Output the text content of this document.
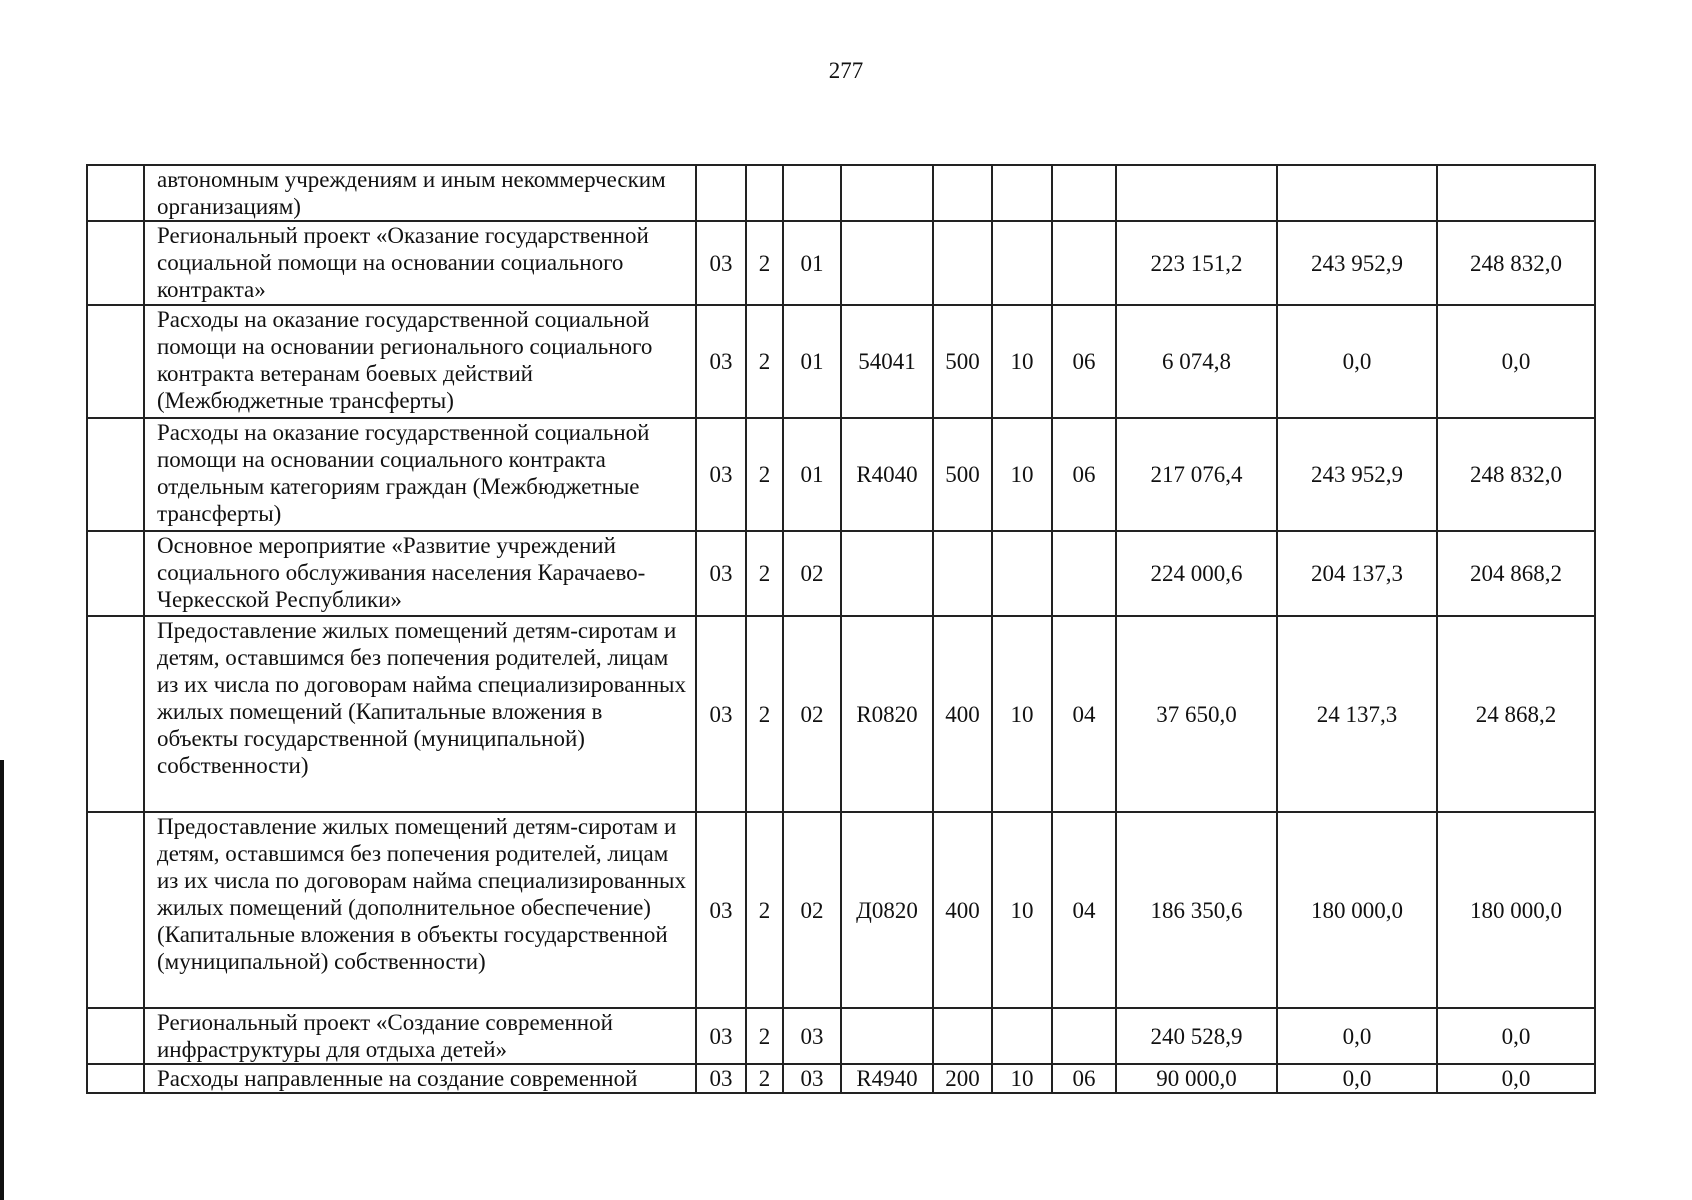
277
	автономным учреждениям и иным некоммерческим организациям)										
	Региональный проект «Оказание государственной социальной помощи на основании социального контракта»	03	2	01					223 151,2	243 952,9	248 832,0
	Расходы на оказание государственной социальной помощи на основании регионального социального контракта ветеранам боевых действий (Межбюджетные трансферты)	03	2	01	54041	500	10	06	6 074,8	0,0	0,0
	Расходы на оказание государственной социальной помощи на основании социального контракта отдельным категориям граждан (Межбюджетные трансферты)	03	2	01	R4040	500	10	06	217 076,4	243 952,9	248 832,0
	Основное мероприятие «Развитие учреждений социального обслуживания населения Карачаево-Черкесской Республики»	03	2	02					224 000,6	204 137,3	204 868,2
	Предоставление жилых помещений детям-сиротам и детям, оставшимся без попечения родителей, лицам из их числа по договорам найма специализированных жилых помещений (Капитальные вложения в объекты государственной (муниципальной) собственности)	03	2	02	R0820	400	10	04	37 650,0	24 137,3	24 868,2
	Предоставление жилых помещений детям-сиротам и детям, оставшимся без попечения родителей, лицам из их числа по договорам найма специализированных жилых помещений (дополнительное обеспечение) (Капитальные вложения в объекты государственной (муниципальной) собственности)	03	2	02	Д0820	400	10	04	186 350,6	180 000,0	180 000,0
	Региональный проект «Создание современной инфраструктуры для отдыха детей»	03	2	03					240 528,9	0,0	0,0
	Расходы направленные на создание современной	03	2	03	R4940	200	10	06	90 000,0	0,0	0,0
